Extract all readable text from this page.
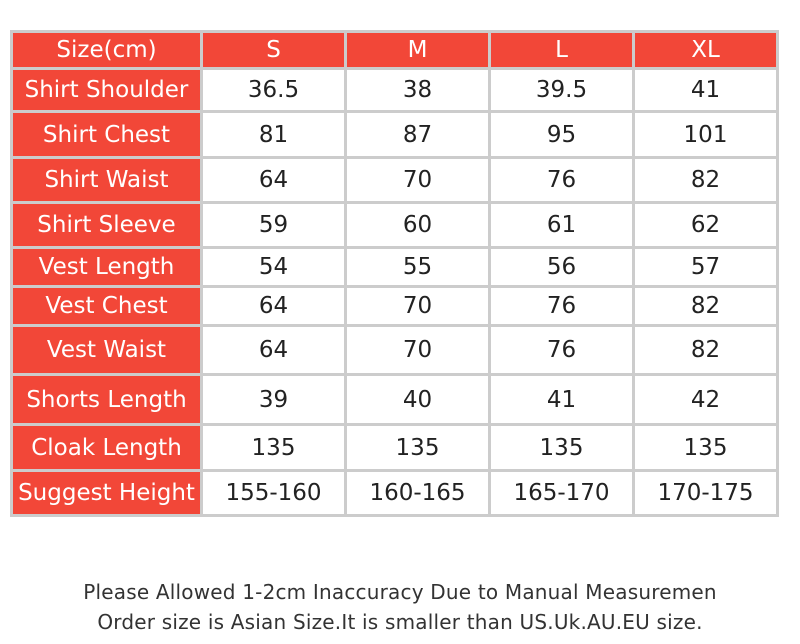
Size(cm)	S	M	L	XL
Shirt Shoulder	36.5	38	39.5	41
Shirt Chest	81	87	95	101
Shirt Waist	64	70	76	82
Shirt Sleeve	59	60	61	62
Vest Length	54	55	56	57
Vest Chest	64	70	76	82
Vest Waist	64	70	76	82
Shorts Length	39	40	41	42
Cloak Length	135	135	135	135
Suggest Height	155-160	160-165	165-170	170-175
Please Allowed 1-2cm Inaccuracy Due to Manual Measuremen
Order size is Asian Size.It is smaller than US.Uk.AU.EU size.
